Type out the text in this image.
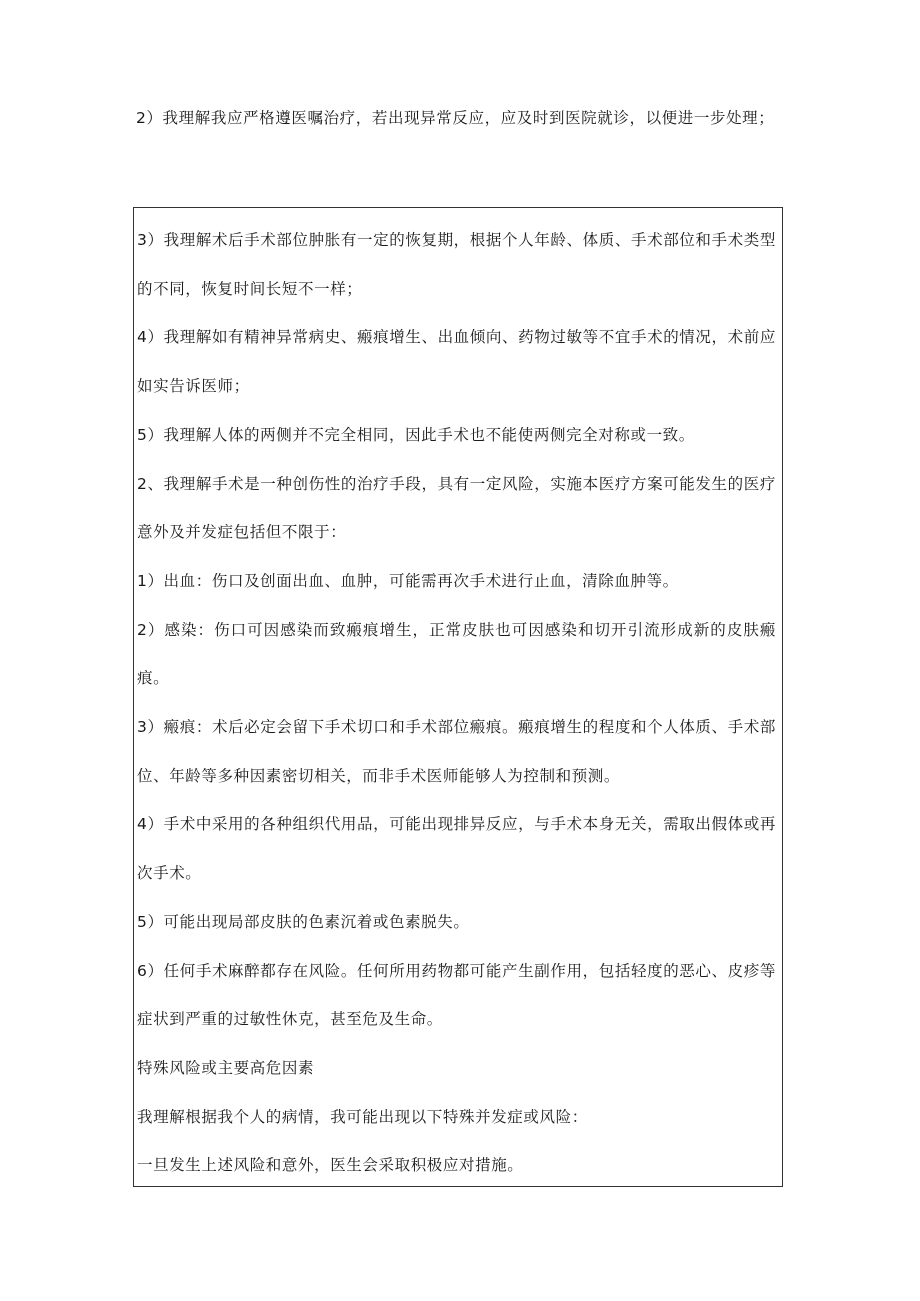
2）我理解我应严格遵医嘱治疗，若出现异常反应，应及时到医院就诊，以便进一步处理；

3）我理解术后手术部位肿胀有一定的恢复期，根据个人年龄、体质、手术部位和手术类型的不同，恢复时间长短不一样；

4）我理解如有精神异常病史、瘢痕增生、出血倾向、药物过敏等不宜手术的情况，术前应如实告诉医师；

5）我理解人体的两侧并不完全相同，因此手术也不能使两侧完全对称或一致。

2、我理解手术是一种创伤性的治疗手段，具有一定风险，实施本医疗方案可能发生的医疗意外及并发症包括但不限于：

1）出血：伤口及创面出血、血肿，可能需再次手术进行止血，清除血肿等。

2）感染：伤口可因感染而致瘢痕增生，正常皮肤也可因感染和切开引流形成新的皮肤瘢痕。

3）瘢痕：术后必定会留下手术切口和手术部位瘢痕。瘢痕增生的程度和个人体质、手术部位、年龄等多种因素密切相关，而非手术医师能够人为控制和预测。

4）手术中采用的各种组织代用品，可能出现排异反应，与手术本身无关，需取出假体或再次手术。

5）可能出现局部皮肤的色素沉着或色素脱失。

6）任何手术麻醉都存在风险。任何所用药物都可能产生副作用，包括轻度的恶心、皮疹等症状到严重的过敏性休克，甚至危及生命。

特殊风险或主要高危因素

我理解根据我个人的病情，我可能出现以下特殊并发症或风险：

一旦发生上述风险和意外，医生会采取积极应对措施。
